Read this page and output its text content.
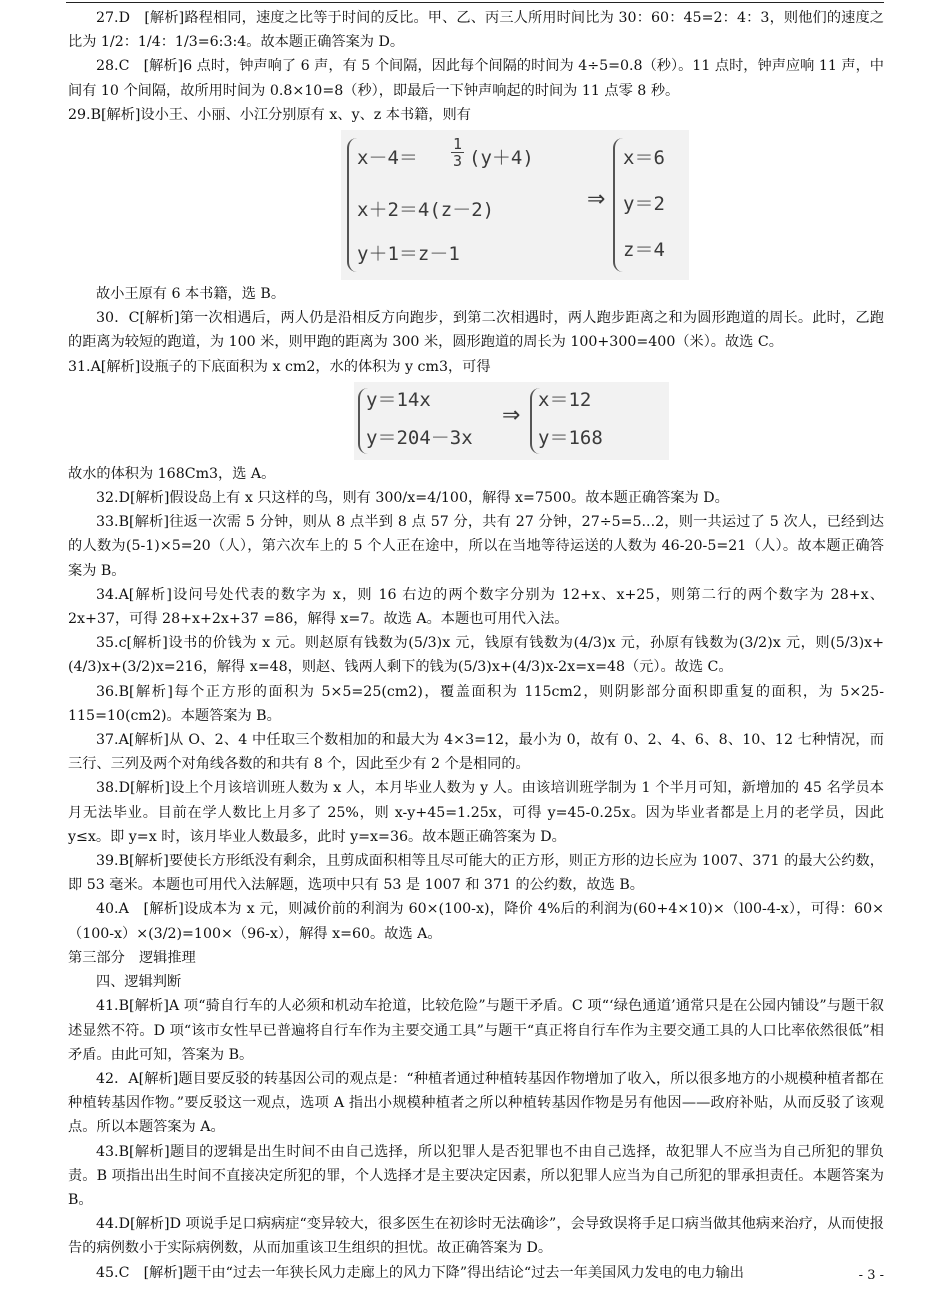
27.D　[解析]路程相同，速度之比等于时间的反比。甲、乙、丙三人所用时间比为 30：60：45=2：4：3，则他们的速度之比为 1/2：1/4：1/3=6:3:4。故本题正确答案为 D。

28.C　[解析]6 点时，钟声响了 6 声，有 5 个间隔，因此每个间隔的时间为 4÷5=0.8（秒）。11 点时，钟声应响 11 声，中间有 10 个间隔，故所用时间为 0.8×10=8（秒），即最后一下钟声响起的时间为 11 点零 8 秒。

29.B[解析]设小王、小丽、小江分别原有 x、y、z 本书籍，则有

$x-4= \frac{1}{3} (y+4)$
x＋2＝4(z－2)
y＋1＝z－1
⇒
x＝6
y＝2
z＝4

故小王原有 6 本书籍，选 B。

30．C[解析]第一次相遇后，两人仍是沿相反方向跑步，到第二次相遇时，两人跑步距离之和为圆形跑道的周长。此时，乙跑的距离为较短的跑道，为 100 米，则甲跑的距离为 300 米，圆形跑道的周长为 100+300=400（米）。故选 C。

31.A[解析]设瓶子的下底面积为 x cm2，水的体积为 y cm3，可得

y＝14x
y＝204－3x
⇒
x＝12
y＝168

故水的体积为 168Cm3，选 A。

32.D[解析]假设岛上有 x 只这样的鸟，则有 300/x=4/100，解得 x=7500。故本题正确答案为 D。

33.B[解析]往返一次需 5 分钟，则从 8 点半到 8 点 57 分，共有 27 分钟，27÷5=5...2，则一共运过了 5 次人，已经到达的人数为(5-1)×5=20（人），第六次车上的 5 个人正在途中，所以在当地等待运送的人数为 46-20-5=21（人）。故本题正确答案为 B。

34.A[解析]设问号处代表的数字为 x，则 16 右边的两个数字分别为 12+x、x+25，则第二行的两个数字为 28+x、2x+37，可得 28+x+2x+37 =86，解得 x=7。故选 A。本题也可用代入法。

35.c[解析]设书的价钱为 x 元。则赵原有钱数为(5/3)x 元，钱原有钱数为(4/3)x 元，孙原有钱数为(3/2)x 元，则(5/3)x+(4/3)x+(3/2)x=216，解得 x=48，则赵、钱两人剩下的钱为(5/3)x+(4/3)x-2x=x=48（元）。故选 C。

36.B[解析]每个正方形的面积为 5×5=25(cm2)，覆盖面积为 115cm2，则阴影部分面积即重复的面积，为 5×25-115=10(cm2)。本题答案为 B。

37.A[解析]从 O、2、4 中任取三个数相加的和最大为 4×3=12，最小为 0，故有 0、2、4、6、8、10、12 七种情况，而三行、三列及两个对角线各数的和共有 8 个，因此至少有 2 个是相同的。

38.D[解析]设上个月该培训班人数为 x 人，本月毕业人数为 y 人。由该培训班学制为 1 个半月可知，新增加的 45 名学员本月无法毕业。目前在学人数比上月多了 25%，则 x-y+45=1.25x，可得 y=45-0.25x。因为毕业者都是上月的老学员，因此 y≤x。即 y=x 时，该月毕业人数最多，此时 y=x=36。故本题正确答案为 D。

39.B[解析]要使长方形纸没有剩余，且剪成面积相等且尽可能大的正方形，则正方形的边长应为 1007、371 的最大公约数，即 53 毫米。本题也可用代入法解题，选项中只有 53 是 1007 和 371 的公约数，故选 B。

40.A　[解析]设成本为 x 元，则减价前的利润为 60×(100-x)，降价 4%后的利润为(60+4×10)×（l00-4-x），可得：60×（100-x）×(3/2)=100×（96-x），解得 x=60。故选 A。

第三部分　逻辑推理

四、逻辑判断

41.B[解析]A 项“骑自行车的人必须和机动车抢道，比较危险”与题干矛盾。C 项“‘绿色通道’通常只是在公园内铺设”与题干叙述显然不符。D 项“该市女性早已普遍将自行车作为主要交通工具”与题干“真正将自行车作为主要交通工具的人口比率依然很低”相矛盾。由此可知，答案为 B。

42．A[解析]题目要反驳的转基因公司的观点是：“种植者通过种植转基因作物增加了收入，所以很多地方的小规模种植者都在种植转基因作物。”要反驳这一观点，选项 A 指出小规模种植者之所以种植转基因作物是另有他因——政府补贴，从而反驳了该观点。所以本题答案为 A。

43.B[解析]题目的逻辑是出生时间不由自己选择，所以犯罪人是否犯罪也不由自己选择，故犯罪人不应当为自己所犯的罪负责。B 项指出出生时间不直接决定所犯的罪，个人选择才是主要决定因素，所以犯罪人应当为自己所犯的罪承担责任。本题答案为 B。

44.D[解析]D 项说手足口病病症“变异较大，很多医生在初诊时无法确诊”，会导致误将手足口病当做其他病来治疗，从而使报告的病例数小于实际病例数，从而加重该卫生组织的担忧。故正确答案为 D。

45.C　[解析]题干由“过去一年狭长风力走廊上的风力下降”得出结论“过去一年美国风力发电的电力输出	- 3 -
